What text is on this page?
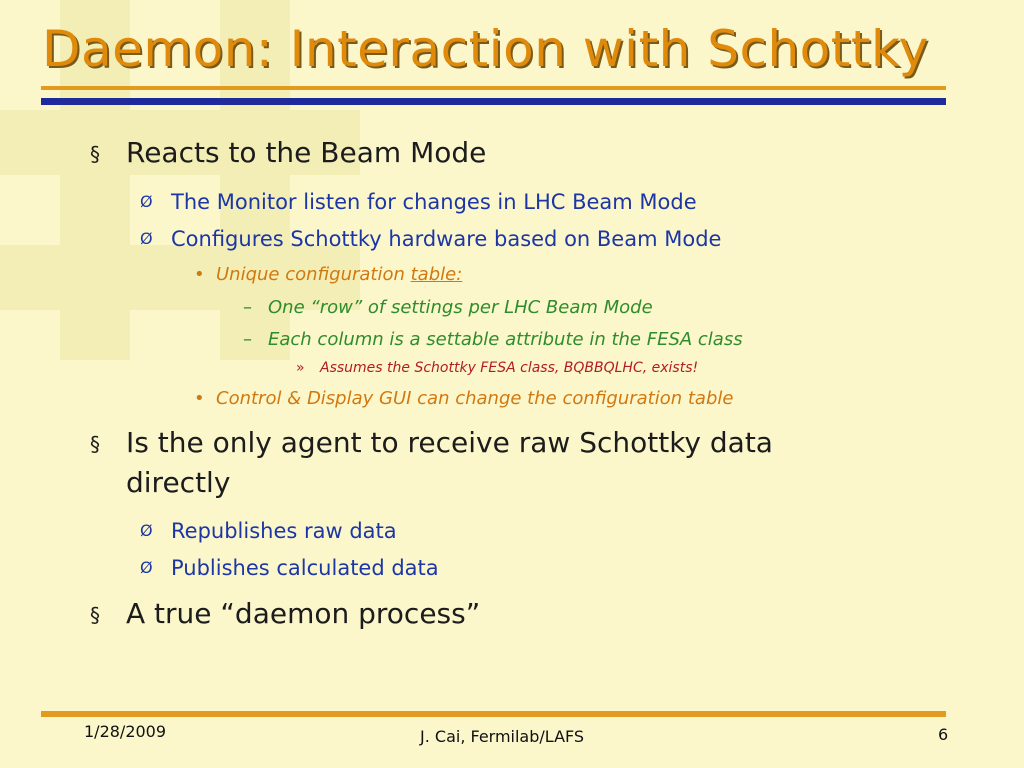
Daemon: Interaction with Schottky
§ Reacts to the Beam Mode
Ø The Monitor listen for changes in LHC Beam Mode
Ø Configures Schottky hardware based on Beam Mode
• Unique configuration table:
– One “row” of settings per LHC Beam Mode
– Each column is a settable attribute in the FESA class
» Assumes the Schottky FESA class, BQBBQLHC, exists!
• Control & Display GUI can change the configuration table
§ Is the only agent to receive raw Schottky data
directly
Ø Republishes raw data
Ø Publishes calculated data
§ A true “daemon process”
1/28/2009	J. Cai, Fermilab/LAFS	6
